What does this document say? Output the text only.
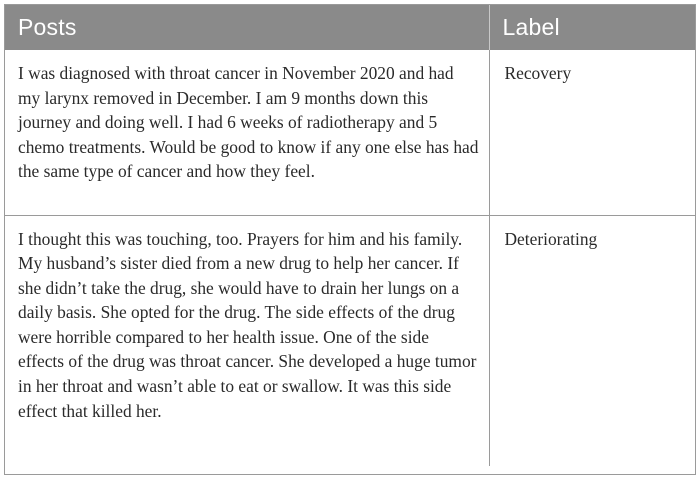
Posts	Label
I was diagnosed with throat cancer in November 2020 and had my larynx removed in December. I am 9 months down this journey and doing well. I had 6 weeks of radiotherapy and 5 chemo treatments. Would be good to know if any one else has had the same type of cancer and how they feel.	Recovery
I thought this was touching, too. Prayers for him and his family. My husband’s sister died from a new drug to help her cancer. If she didn’t take the drug, she would have to drain her lungs on a daily basis. She opted for the drug. The side effects of the drug were horrible compared to her health issue. One of the side effects of the drug was throat cancer. She developed a huge tumor in her throat and wasn’t able to eat or swallow. It was this side effect that killed her.	Deteriorating
